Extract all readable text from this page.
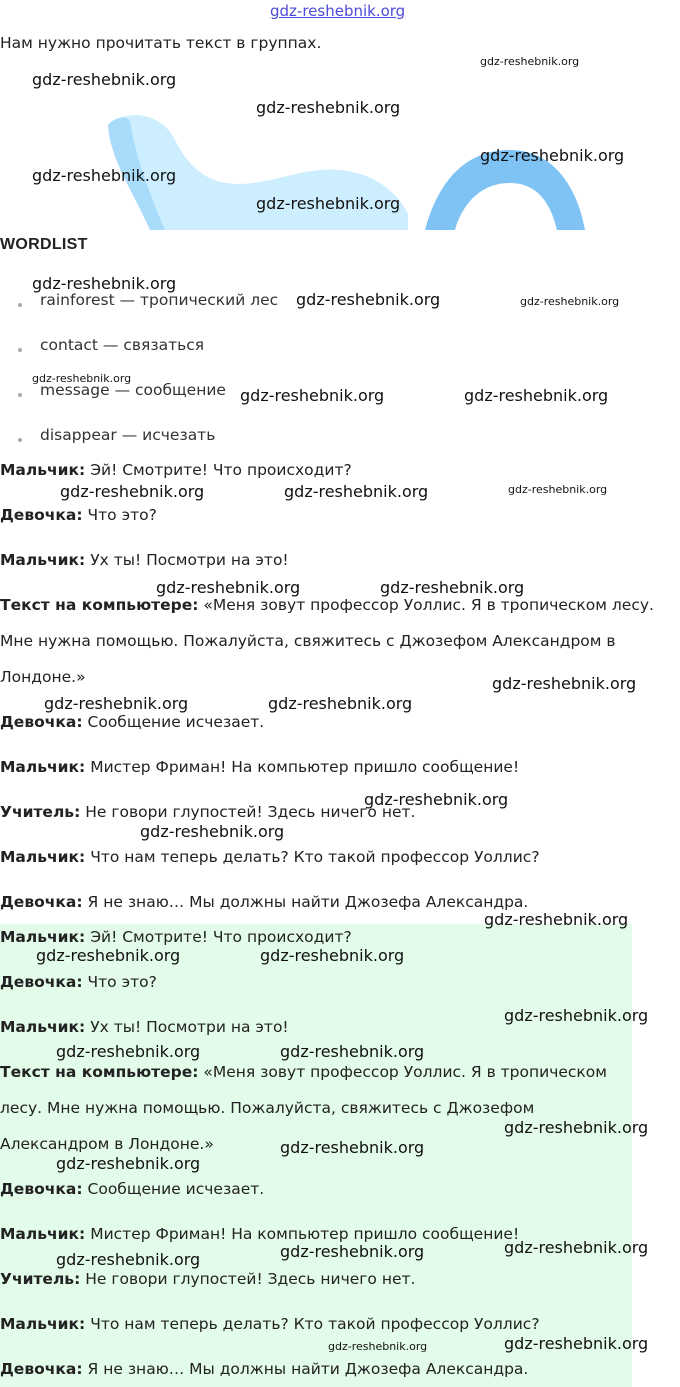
gdz-reshebnik.org
Нам нужно прочитать текст в группах.
WORDLIST
rainforest — тропический лес
contact — связаться
message — сообщение
disappear — исчезать
Мальчик: Эй! Смотрите! Что происходит?
Девочка: Что это?
Мальчик: Ух ты! Посмотри на это!
Текст на компьютере: «Меня зовут профессор Уоллис. Я в тропическом лесу.
Мне нужна помощью. Пожалуйста, свяжитесь с Джозефом Александром в
Лондоне.»
Девочка: Сообщение исчезает.
Мальчик: Мистер Фриман! На компьютер пришло сообщение!
Учитель: Не говори глупостей! Здесь ничего нет.
Мальчик: Что нам теперь делать? Кто такой профессор Уоллис?
Девочка: Я не знаю… Мы должны найти Джозефа Александра.
Мальчик: Эй! Смотрите! Что происходит?
Девочка: Что это?
Мальчик: Ух ты! Посмотри на это!
Текст на компьютере: «Меня зовут профессор Уоллис. Я в тропическом
лесу. Мне нужна помощью. Пожалуйста, свяжитесь с Джозефом
Александром в Лондоне.»
Девочка: Сообщение исчезает.
Мальчик: Мистер Фриман! На компьютер пришло сообщение!
Учитель: Не говори глупостей! Здесь ничего нет.
Мальчик: Что нам теперь делать? Кто такой профессор Уоллис?
Девочка: Я не знаю… Мы должны найти Джозефа Александра.
gdz-reshebnik.org
gdz-reshebnik.org
gdz-reshebnik.org
gdz-reshebnik.org
gdz-reshebnik.org
gdz-reshebnik.org
gdz-reshebnik.org
gdz-reshebnik.org	gdz-reshebnik.org
gdz-reshebnik.org
gdz-reshebnik.org	gdz-reshebnik.org
gdz-reshebnik.org	gdz-reshebnik.org	gdz-reshebnik.org
gdz-reshebnik.org	gdz-reshebnik.org
gdz-reshebnik.org
gdz-reshebnik.org	gdz-reshebnik.org
gdz-reshebnik.org
gdz-reshebnik.org
gdz-reshebnik.org
gdz-reshebnik.org	gdz-reshebnik.org
gdz-reshebnik.org
gdz-reshebnik.org	gdz-reshebnik.org
gdz-reshebnik.org
gdz-reshebnik.org
gdz-reshebnik.org
gdz-reshebnik.org	gdz-reshebnik.org
gdz-reshebnik.org
gdz-reshebnik.org
gdz-reshebnik.org
